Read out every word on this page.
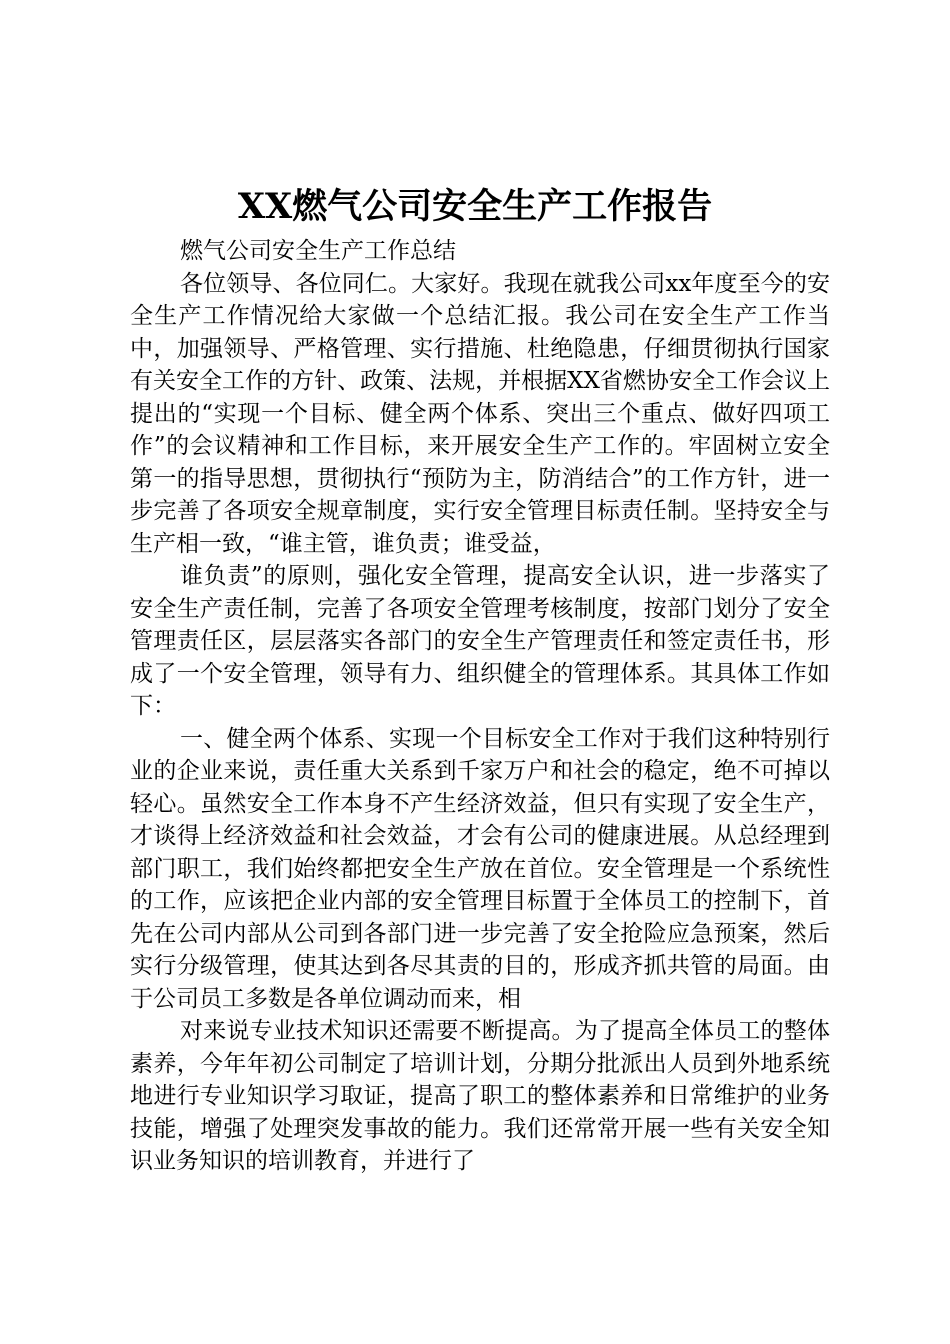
XX燃气公司安全生产工作报告

燃气公司安全生产工作总结

各位领导、各位同仁。大家好。我现在就我公司xx年度至今的安全生产工作情况给大家做一个总结汇报。我公司在安全生产工作当中，加强领导、严格管理、实行措施、杜绝隐患，仔细贯彻执行国家有关安全工作的方针、政策、法规，并根据XX省燃协安全工作会议上提出的“实现一个目标、健全两个体系、突出三个重点、做好四项工作”的会议精神和工作目标，来开展安全生产工作的。牢固树立安全第一的指导思想，贯彻执行“预防为主，防消结合”的工作方针，进一步完善了各项安全规章制度，实行安全管理目标责任制。坚持安全与生产相一致，“谁主管，谁负责；谁受益，

谁负责”的原则，强化安全管理，提高安全认识，进一步落实了安全生产责任制，完善了各项安全管理考核制度，按部门划分了安全管理责任区，层层落实各部门的安全生产管理责任和签定责任书，形成了一个安全管理，领导有力、组织健全的管理体系。其具体工作如下：

一、健全两个体系、实现一个目标安全工作对于我们这种特别行业的企业来说，责任重大关系到千家万户和社会的稳定，绝不可掉以轻心。虽然安全工作本身不产生经济效益，但只有实现了安全生产，才谈得上经济效益和社会效益，才会有公司的健康进展。从总经理到部门职工，我们始终都把安全生产放在首位。安全管理是一个系统性的工作，应该把企业内部的安全管理目标置于全体员工的控制下，首先在公司内部从公司到各部门进一步完善了安全抢险应急预案，然后实行分级管理，使其达到各尽其责的目的，形成齐抓共管的局面。由于公司员工多数是各单位调动而来，相

对来说专业技术知识还需要不断提高。为了提高全体员工的整体素养，今年年初公司制定了培训计划，分期分批派出人员到外地系统地进行专业知识学习取证，提高了职工的整体素养和日常维护的业务技能，增强了处理突发事故的能力。我们还常常开展一些有关安全知识业务知识的培训教育，并进行了
